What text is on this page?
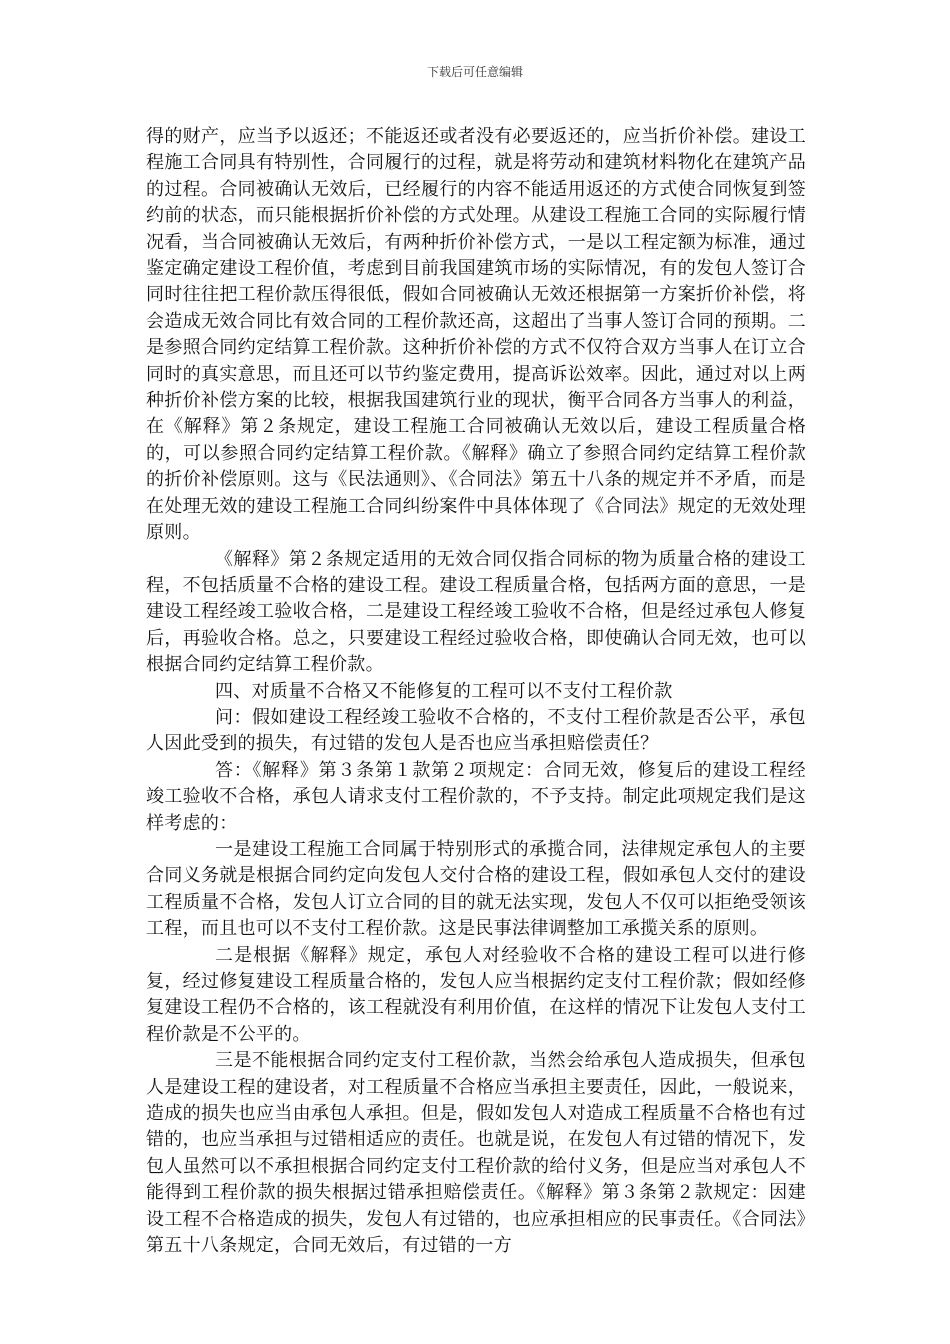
下载后可任意编辑

得的财产，应当予以返还；不能返还或者没有必要返还的，应当折价补偿。建设工程施工合同具有特别性，合同履行的过程，就是将劳动和建筑材料物化在建筑产品的过程。合同被确认无效后，已经履行的内容不能适用返还的方式使合同恢复到签约前的状态，而只能根据折价补偿的方式处理。从建设工程施工合同的实际履行情况看，当合同被确认无效后，有两种折价补偿方式，一是以工程定额为标准，通过鉴定确定建设工程价值，考虑到目前我国建筑市场的实际情况，有的发包人签订合同时往往把工程价款压得很低，假如合同被确认无效还根据第一方案折价补偿，将会造成无效合同比有效合同的工程价款还高，这超出了当事人签订合同的预期。二是参照合同约定结算工程价款。这种折价补偿的方式不仅符合双方当事人在订立合同时的真实意思，而且还可以节约鉴定费用，提高诉讼效率。因此，通过对以上两种折价补偿方案的比较，根据我国建筑行业的现状，衡平合同各方当事人的利益，在《解释》第２条规定，建设工程施工合同被确认无效以后，建设工程质量合格的，可以参照合同约定结算工程价款。《解释》确立了参照合同约定结算工程价款的折价补偿原则。这与《民法通则》、《合同法》第五十八条的规定并不矛盾，而是在处理无效的建设工程施工合同纠纷案件中具体体现了《合同法》规定的无效处理原则。

《解释》第２条规定适用的无效合同仅指合同标的物为质量合格的建设工程，不包括质量不合格的建设工程。建设工程质量合格，包括两方面的意思，一是建设工程经竣工验收合格，二是建设工程经竣工验收不合格，但是经过承包人修复后，再验收合格。总之，只要建设工程经过验收合格，即使确认合同无效，也可以根据合同约定结算工程价款。

四、对质量不合格又不能修复的工程可以不支付工程价款

问：假如建设工程经竣工验收不合格的，不支付工程价款是否公平，承包人因此受到的损失，有过错的发包人是否也应当承担赔偿责任？

答：《解释》第３条第１款第２项规定：合同无效，修复后的建设工程经竣工验收不合格，承包人请求支付工程价款的，不予支持。制定此项规定我们是这样考虑的：

一是建设工程施工合同属于特别形式的承揽合同，法律规定承包人的主要合同义务就是根据合同约定向发包人交付合格的建设工程，假如承包人交付的建设工程质量不合格，发包人订立合同的目的就无法实现，发包人不仅可以拒绝受领该工程，而且也可以不支付工程价款。这是民事法律调整加工承揽关系的原则。

二是根据《解释》规定，承包人对经验收不合格的建设工程可以进行修复，经过修复建设工程质量合格的，发包人应当根据约定支付工程价款；假如经修复建设工程仍不合格的，该工程就没有利用价值，在这样的情况下让发包人支付工程价款是不公平的。

三是不能根据合同约定支付工程价款，当然会给承包人造成损失，但承包人是建设工程的建设者，对工程质量不合格应当承担主要责任，因此，一般说来，造成的损失也应当由承包人承担。但是，假如发包人对造成工程质量不合格也有过错的，也应当承担与过错相适应的责任。也就是说，在发包人有过错的情况下，发包人虽然可以不承担根据合同约定支付工程价款的给付义务，但是应当对承包人不能得到工程价款的损失根据过错承担赔偿责任。《解释》第３条第２款规定：因建设工程不合格造成的损失，发包人有过错的，也应承担相应的民事责任。《合同法》第五十八条规定，合同无效后，有过错的一方
